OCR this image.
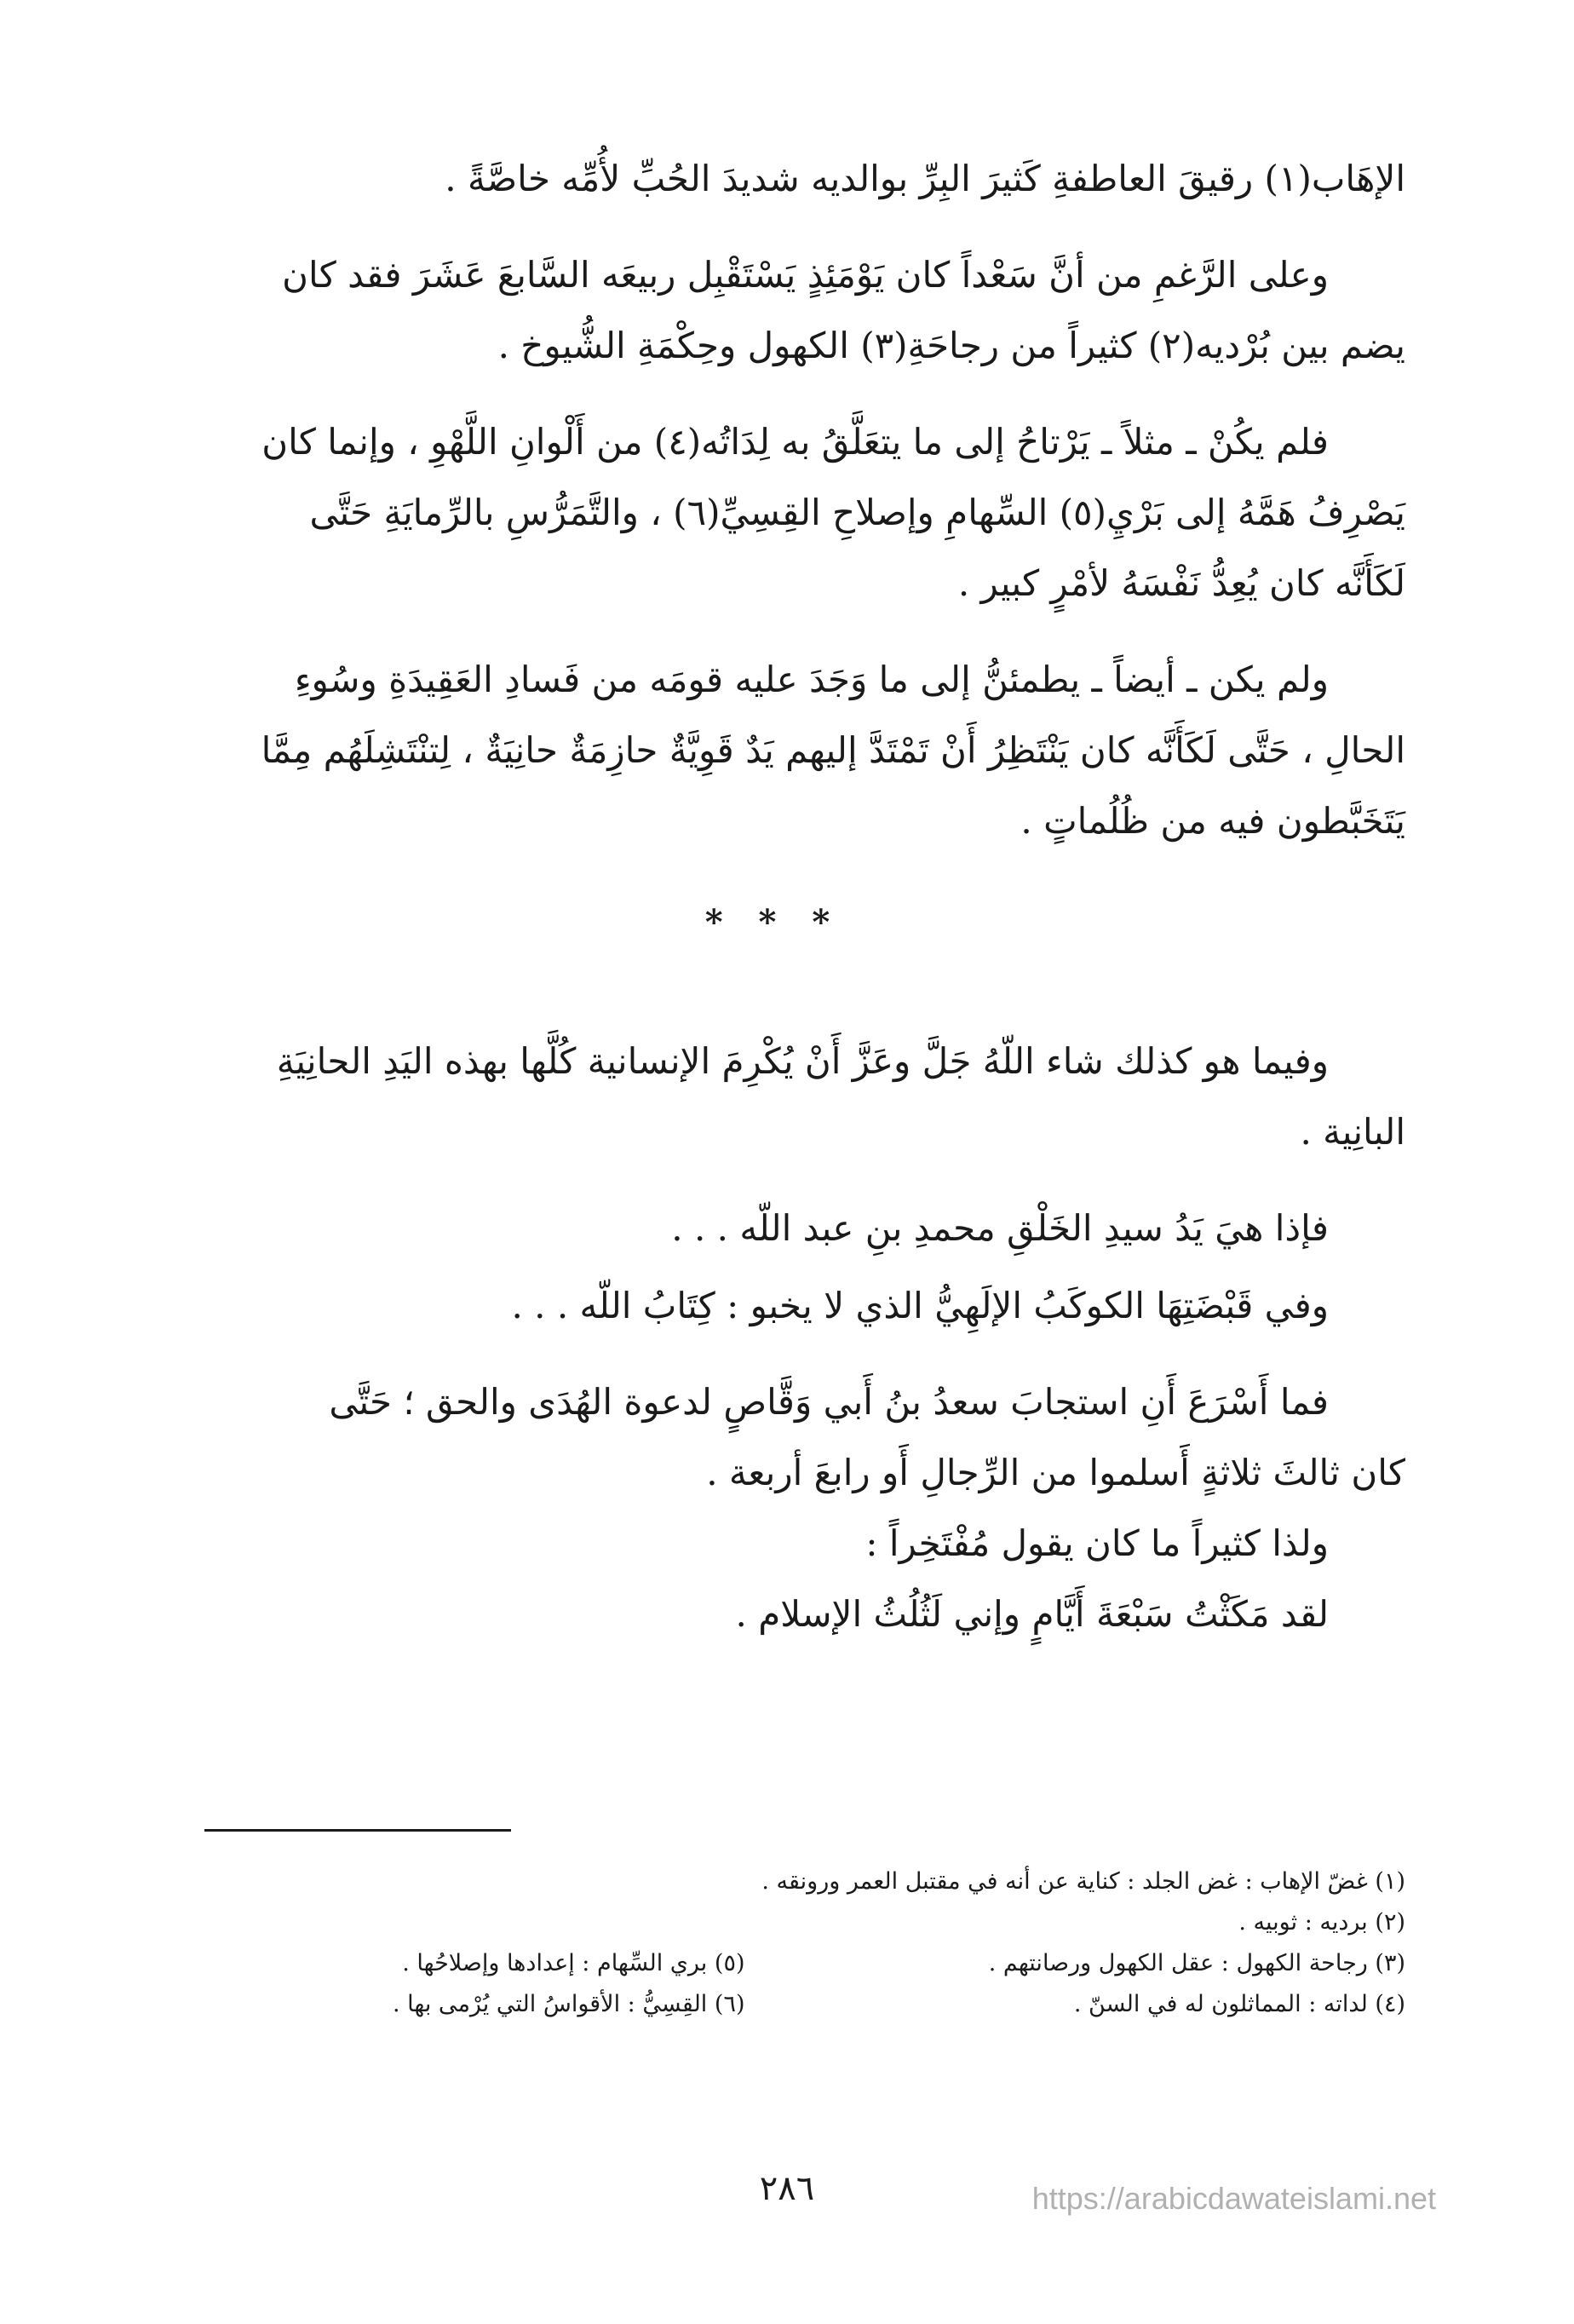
الإهَاب(١) رقيقَ العاطفةِ كَثيرَ البِرِّ بوالديه شديدَ الحُبِّ لأُمِّه خاصَّةً .

وعلى الرَّغمِ من أنَّ سَعْداً كان يَوْمَئِذٍ يَسْتَقْبِل ربيعَه السَّابعَ عَشَرَ فقد كان
يضم بين بُرْديه(٢) كثيراً من رجاحَةِ(٣) الكهول وحِكْمَةِ الشُّيوخ .

فلم يكُنْ ـ مثلاً ـ يَرْتاحُ إلى ما يتعَلَّقُ به لِدَاتُه(٤) من أَلْوانِ اللَّهْوِ ، وإنما كان
يَصْرِفُ هَمَّهُ إلى بَرْيِ(٥) السِّهامِ وإصلاحِ القِسِيِّ(٦) ، والتَّمَرُّسِ بالرِّمايَةِ حَتَّى
لَكَأَنَّه كان يُعِدُّ نَفْسَهُ لأمْرٍ كبير .

ولم يكن ـ أيضاً ـ يطمئنُّ إلى ما وَجَدَ عليه قومَه من فَسادِ العَقِيدَةِ وسُوءِ
الحالِ ، حَتَّى لَكَأَنَّه كان يَنْتَظِرُ أَنْ تَمْتَدَّ إليهم يَدٌ قَوِيَّةٌ حازِمَةٌ حانِيَةٌ ، لِتنْتَشِلَهُم مِمَّا
يَتَخَبَّطون فيه من ظُلُماتٍ .

* * *

وفيما هو كذلك شاء اللّهُ جَلَّ وعَزَّ أَنْ يُكْرِمَ الإنسانية كُلَّها بهذه اليَدِ الحانِيَةِ
البانِية .

فإذا هيَ يَدُ سيدِ الخَلْقِ محمدِ بنِ عبد اللّه . . .
وفي قَبْضَتِهَا الكوكَبُ الإلَهِيُّ الذي لا يخبو : كِتَابُ اللّه . . .

فما أَسْرَعَ أَنِ استجابَ سعدُ بنُ أَبي وَقَّاصٍ لدعوة الهُدَى والحق ؛ حَتَّى
كان ثالثَ ثلاثةٍ أَسلموا من الرِّجالِ أَو رابعَ أربعة .
ولذا كثيراً ما كان يقول مُفْتَخِراً :
لقد مَكَثْتُ سَبْعَةَ أَيَّامٍ وإني لَثُلُثُ الإسلام .

(١) غضّ الإهاب : غض الجلد : كناية عن أنه في مقتبل العمر ورونقه .
(٢) برديه : ثوبيه .
(٣) رجاحة الكهول : عقل الكهول ورصانتهم .
(٥) بري السِّهام : إعدادها وإصلاحُها .
(٤) لداته : المماثلون له في السنّ .
(٦) القِسِيُّ : الأقواسُ التي يُرْمى بها .
٢٨٦	https://arabicdawateislami.net
